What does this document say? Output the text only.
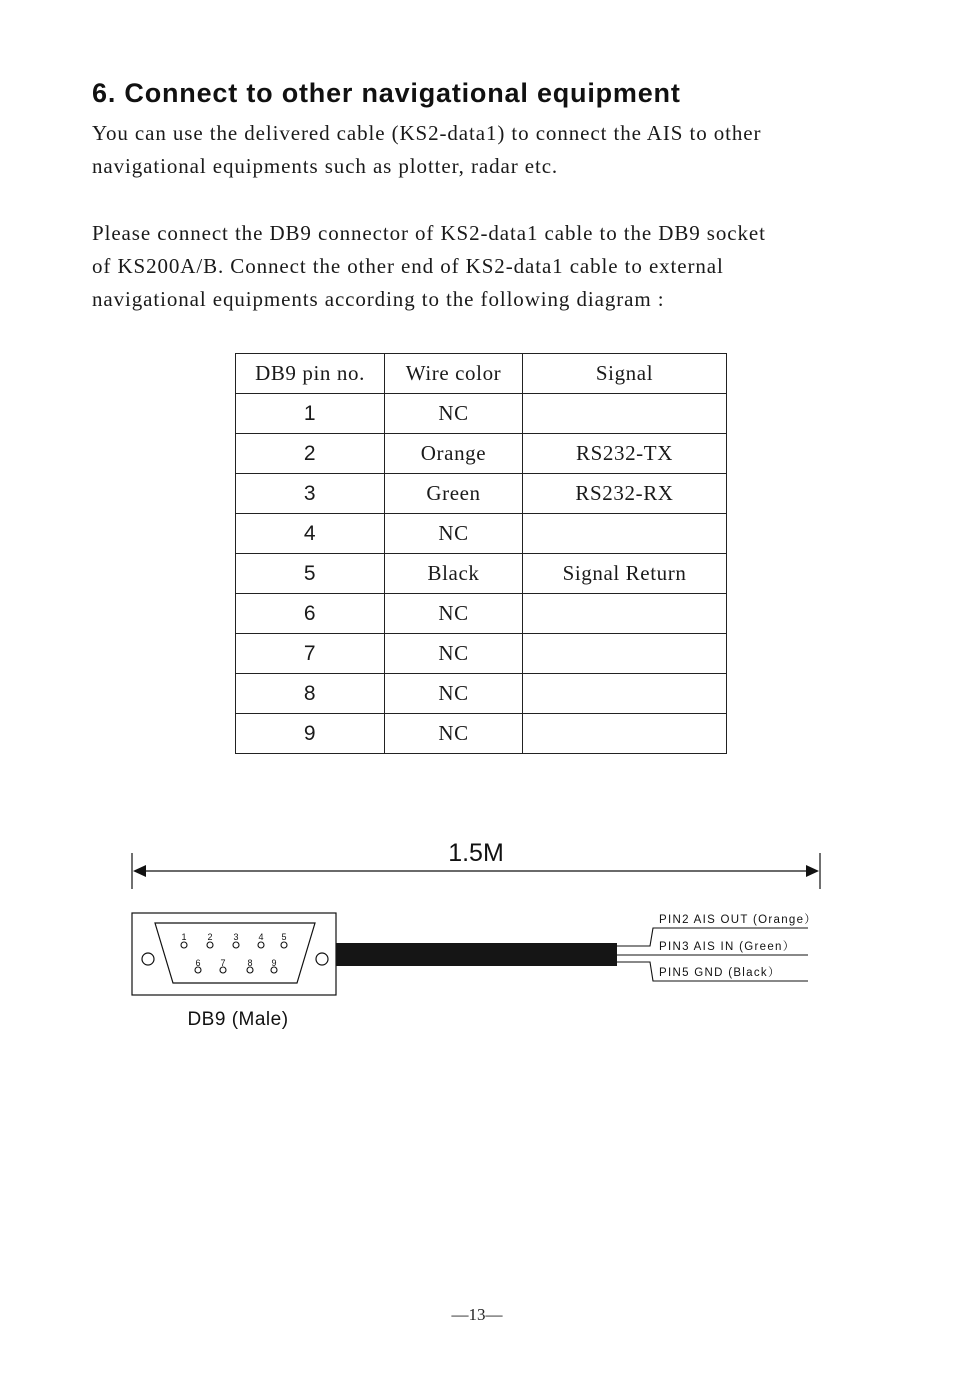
6. Connect to other navigational equipment
You can use the delivered cable (KS2-data1) to connect the AIS to other
navigational equipments such as plotter, radar etc.
Please connect the DB9 connector of KS2-data1 cable to the DB9 socket
of KS200A/B. Connect the other end of KS2-data1 cable to external
navigational equipments according to the following diagram :
DB9 pin no.	Wire color	Signal
1	NC	
2	Orange	RS232-TX
3	Green	RS232-RX
4	NC	
5	Black	Signal Return
6	NC	
7	NC	
8	NC	
9	NC	
1.5M
1 2 3 4 5
6 7 8 9
PIN2 AIS OUT (Orange）
PIN3 AIS IN (Green）
PIN5 GND (Black）
DB9 (Male)
—13—
